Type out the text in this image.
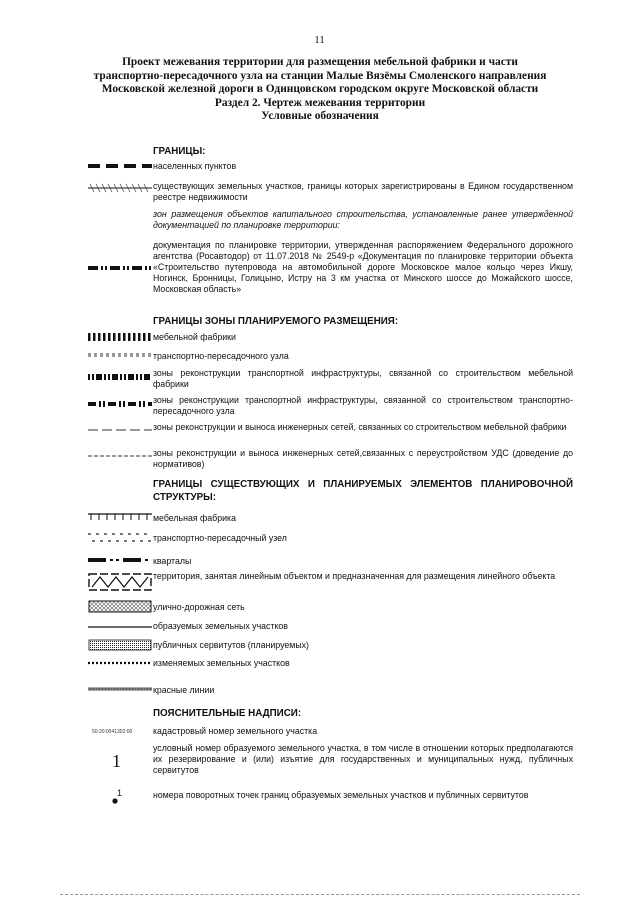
11
Проект межевания территории для размещения мебельной фабрики и части
транспортно-пересадочного узла на станции Малые Вязёмы Смоленского направления
Московской железной дороги в Одинцовском городском округе Московской области
Раздел 2. Чертеж межевания территории
Условные обозначения
ГРАНИЦЫ:
населенных пунктов
существующих земельных участков, границы которых зарегистрированы в Едином государственном реестре недвижимости
зон размещения объектов капитального строительства, установленные ранее утвержденной документацией по планировке территории:
документация по планировке территории, утвержденная распоряжением Федерального дорожного агентства (Росавтодор) от 11.07.2018 № 2549-р «Документация по планировке территории объекта «Строительство путепровода на автомобильной дороге Московское малое кольцо через Икшу, Ногинск, Бронницы, Голицыно, Истру на 3 км участка от Минского шоссе до Можайского шоссе, Московская область»
ГРАНИЦЫ ЗОНЫ ПЛАНИРУЕМОГО РАЗМЕЩЕНИЯ:
мебельной фабрики
транспортно-пересадочного узла
зоны реконструкции транспортной инфраструктуры, связанной со строительством мебельной фабрики
зоны реконструкции транспортной инфраструктуры, связанной со строительством транспортно-пересадочного узла
зоны реконструкции и выноса инженерных сетей, связанных со строительством мебельной фабрики
зоны реконструкции и выноса инженерных сетей,связанных с переустройством УДС (доведение до нормативов)
ГРАНИЦЫ СУЩЕСТВУЮЩИХ И ПЛАНИРУЕМЫХ ЭЛЕМЕНТОВ ПЛАНИРОВОЧНОЙ СТРУКТУРЫ:
мебельная фабрика
транспортно-пересадочный узел
кварталы
территория, занятая линейным объектом и предназначенная для размещения линейного объекта
улично-дорожная сеть
образуемых земельных участков
публичных сервитутов (планируемых)
изменяемых земельных участков
красные линии
ПОЯСНИТЕЛЬНЫЕ НАДПИСИ:
50:20:0041302:00 кадастровый номер земельного участка
1
условный номер образуемого земельного участка, в том числе в отношении которых предполагаются их резервирование и (или) изъятие для государственных и муниципальных нужд, публичных сервитутов
1	номера поворотных точек границ образуемых земельных участков и публичных сервитутов
